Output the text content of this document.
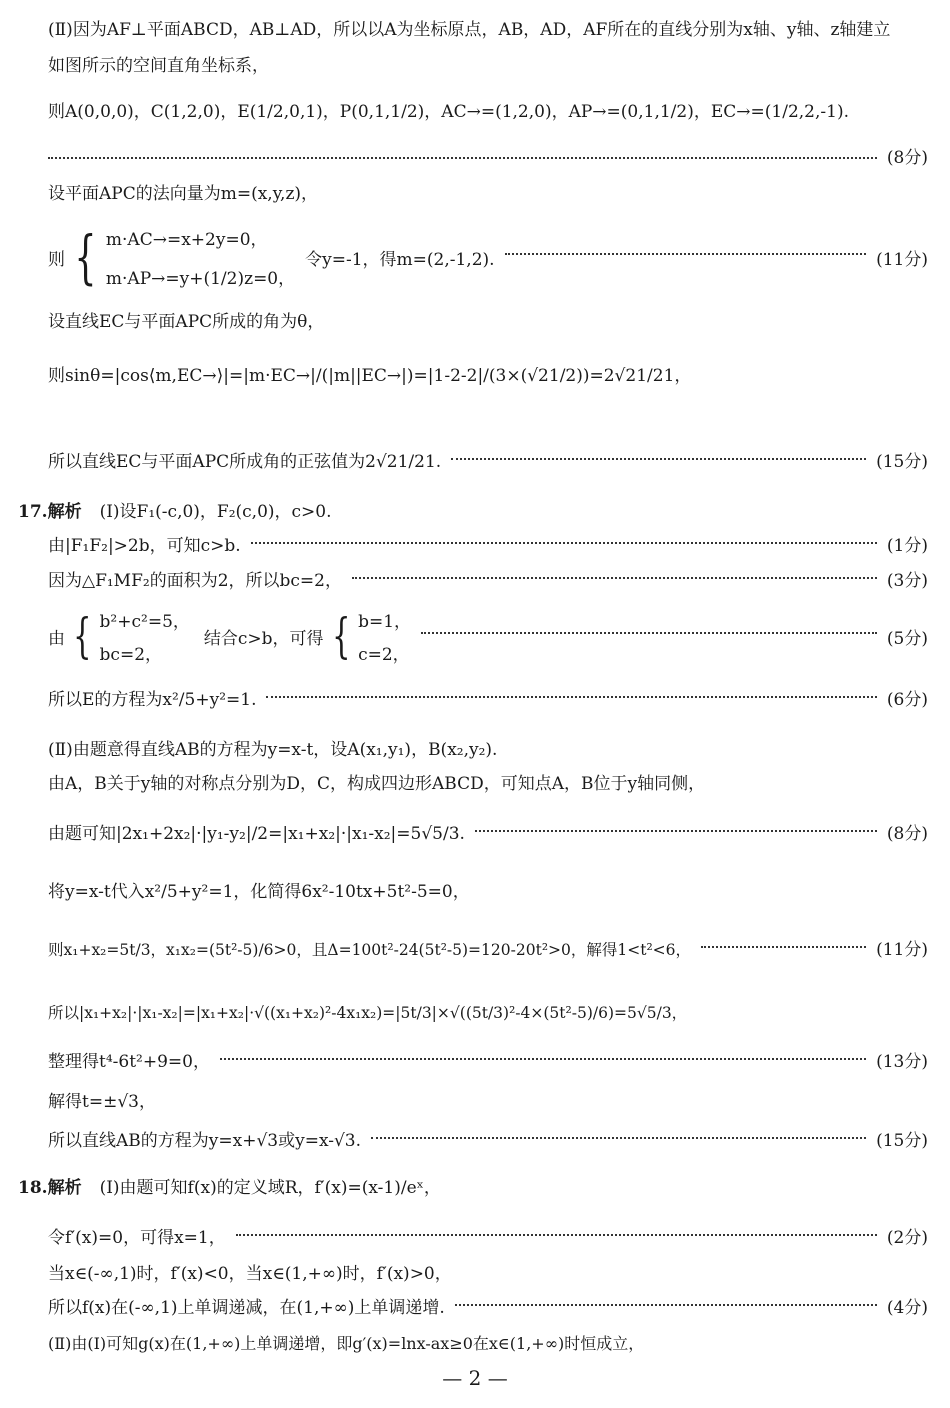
(Ⅱ)因为AF⊥平面ABCD，AB⊥AD，所以以A为坐标原点，AB，AD，AF所在的直线分别为x轴、y轴、z轴建立
如图所示的空间直角坐标系，
则A(0,0,0)，C(1,2,0)，E(1/2,0,1)，P(0,1,1/2)，AC→=(1,2,0)，AP→=(0,1,1/2)，EC→=(1/2,2,-1).
(8分)
设平面APC的法向量为m=(x,y,z)，
则 { m·AC→=x+2y=0，
m·AP→=y+(1/2)z=0，
令y=-1，得m=(2,-1,2).	(11分)
设直线EC与平面APC所成的角为θ，
则sinθ=|cos⟨m,EC→⟩|=|m·EC→|/(|m||EC→|)=|1-2-2|/(3×(√21/2))=2√21/21，
所以直线EC与平面APC所成角的正弦值为2√21/21.	(15分)
17.解析 (Ⅰ)设F₁(-c,0)，F₂(c,0)，c>0.
由|F₁F₂|>2b，可知c>b.	(1分)
因为△F₁MF₂的面积为2，所以bc=2，	(3分)
由 { b²+c²=5，
bc=2，
结合c>b，可得 { b=1，
c=2，
(5分)
所以E的方程为x²/5+y²=1.	(6分)
(Ⅱ)由题意得直线AB的方程为y=x-t，设A(x₁,y₁)，B(x₂,y₂).
由A，B关于y轴的对称点分别为D，C，构成四边形ABCD，可知点A，B位于y轴同侧，
由题可知|2x₁+2x₂|·|y₁-y₂|/2=|x₁+x₂|·|x₁-x₂|=5√5/3.	(8分)
将y=x-t代入x²/5+y²=1，化简得6x²-10tx+5t²-5=0，
则x₁+x₂=5t/3，x₁x₂=(5t²-5)/6>0，且Δ=100t²-24(5t²-5)=120-20t²>0，解得1<t²<6，	(11分)
所以|x₁+x₂|·|x₁-x₂|=|x₁+x₂|·√((x₁+x₂)²-4x₁x₂)=|5t/3|×√((5t/3)²-4×(5t²-5)/6)=5√5/3，
整理得t⁴-6t²+9=0，	(13分)
解得t=±√3，
所以直线AB的方程为y=x+√3或y=x-√3.	(15分)
18.解析 (Ⅰ)由题可知f(x)的定义域R，f′(x)=(x-1)/eˣ，
令f′(x)=0，可得x=1，	(2分)
当x∈(-∞,1)时，f′(x)<0，当x∈(1,+∞)时，f′(x)>0，
所以f(x)在(-∞,1)上单调递减，在(1,+∞)上单调递增.	(4分)
(Ⅱ)由(Ⅰ)可知g(x)在(1,+∞)上单调递增，即g′(x)=lnx-ax≥0在x∈(1,+∞)时恒成立，
— 2 —
